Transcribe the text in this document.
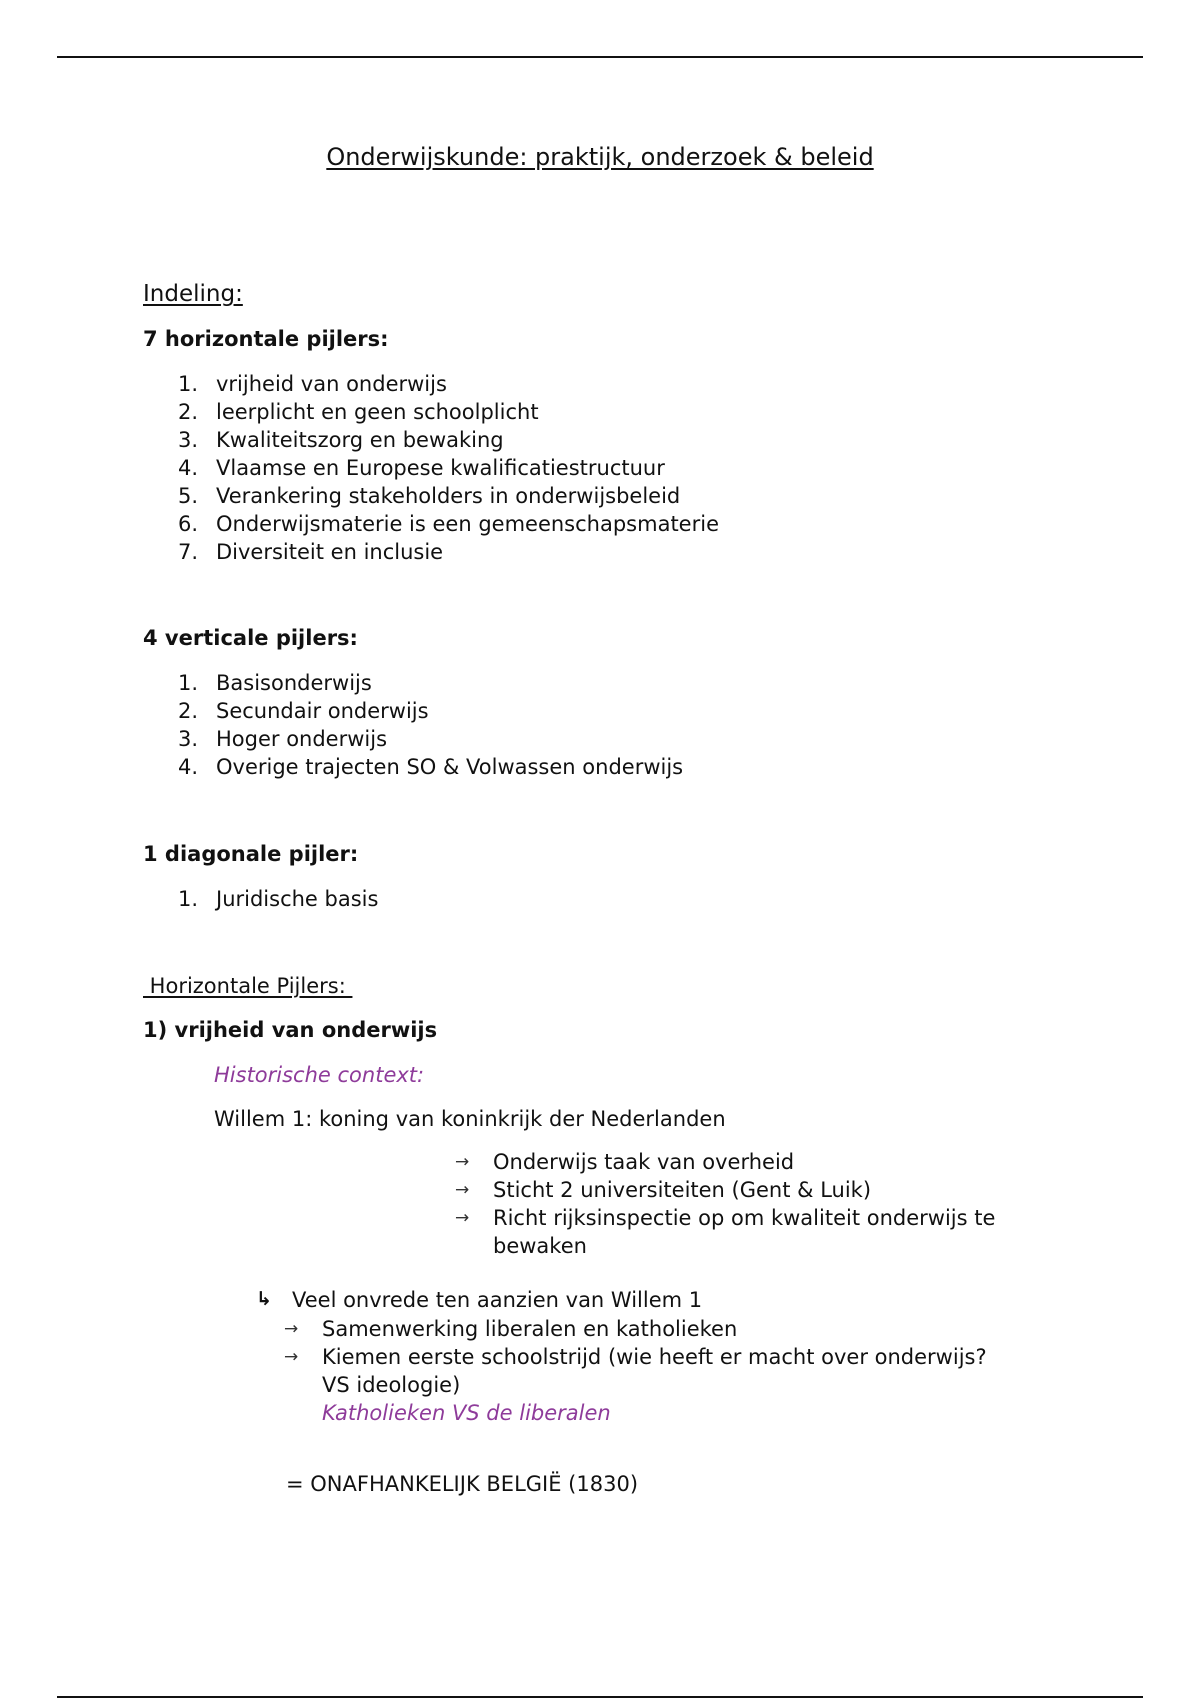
Onderwijskunde: praktijk, onderzoek & beleid
Indeling:
7 horizontale pijlers:
1. vrijheid van onderwijs
2. leerplicht en geen schoolplicht
3. Kwaliteitszorg en bewaking
4. Vlaamse en Europese kwalificatiestructuur
5. Verankering stakeholders in onderwijsbeleid
6. Onderwijsmaterie is een gemeenschapsmaterie
7. Diversiteit en inclusie
4 verticale pijlers:
1. Basisonderwijs
2. Secundair onderwijs
3. Hoger onderwijs
4. Overige trajecten SO & Volwassen onderwijs
1 diagonale pijler:
1. Juridische basis
Horizontale Pijlers:
1) vrijheid van onderwijs
Historische context:
Willem 1: koning van koninkrijk der Nederlanden
→	Onderwijs taak van overheid
→	Sticht 2 universiteiten (Gent & Luik)
→	Richt rijksinspectie op om kwaliteit onderwijs te
bewaken
↳ Veel onvrede ten aanzien van Willem 1
→	Samenwerking liberalen en katholieken
→	Kiemen eerste schoolstrijd (wie heeft er macht over onderwijs?
VS ideologie)
Katholieken VS de liberalen
= ONAFHANKELIJK BELGIË (1830)
